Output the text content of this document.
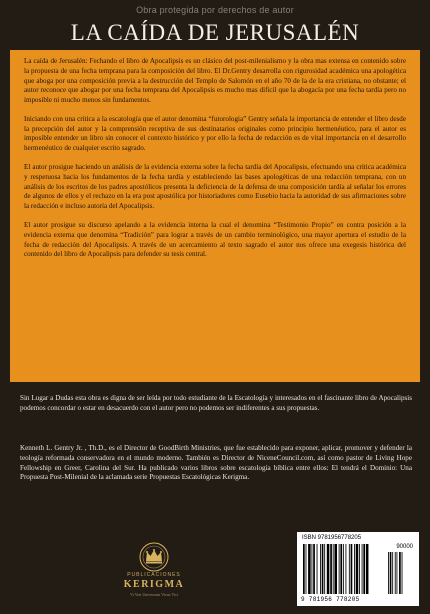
Obra protegida por derechos de autor
LA CAÍDA DE JERUSALÉN

La caída de Jerusalén: Fechando el libro de Apocalipsis es un clásico del post-milenialismo y la obra mas extensa en contenido sobre la propuesta de una fecha temprana para la composición del libro. El Dr.Gentry desarrolla con rigurosidad académica una apologética que aboga por una composición previa a la destrucción del Templo de Salomón en el año 70 de la de la era cristiana, no obstante; el autor reconoce que abogar por una fecha temprana del Apocalipsis es mucho mas dificil que la abogacía por una fecha tardía pero no imposible ni mucho menos sin fundamentos.

Iniciando con una critica a la escatología que el autor denomina “futorologia” Gentry señala la importancia de entender el libro desde la precepción del autor y la comprensión receptiva de sus destinatarios originales como principio hermenéutico, para el autor es imposible entender un libro sin conocer el contexto histórico y por ello la fecha de redacción es de vital importancia en el desarrollo hermenéutico de cualquier escrito sagrado.

El autor prosigue haciendo un análisis de la evidencia externa sobre la fecha tardía del Apocalipsis, efectuando una critica académica y respetuosa hacia los fundamentos de la fecha tardía y estableciendo las bases apologéticas de una redacción temprana, con un análisis de los escritos de los padres apostólicos presenta la deficiencia de la defensa de una composición tardía al señalar los errores de algunos de ellos y el rechazo en la era post apostólica por historiadores como Eusebio hacia la autoridad de sus afirmaciones sobre la redacción e incluso autoría del Apocalipsis.

El autor prosigue su discurso apelando a la evidencia interna la cual el denomina “Testimonio Propio” en contra posición a la evidencia externa que denomina “Tradición” para lograr a través de un cambio terminológico, una mayor apertura el estudio de la fecha de redacción del Apocalipsis. A través de un acercamiento al texto sagrado el autor nos ofrece una exegesis histórica del contenido del libro de Apocalipsis para defender su tesis central.

Sin Lugar a Dudas esta obra es digna de ser leída por todo estudiante de la Escatología y interesados en el fascinante libro de Apocalipsis podemos concordar o estar en desacuerdo con el autor pero no podemos ser indiferentes a sus propuestas.

Kenneth L. Gentry Jr. , Th.D., es el Director de GoodBirth Ministries, que fue establecido para exponer, aplicar, promover y defender la teología reformada conservadora en el mundo moderno. También es Director de NiceneCouncil.com, así como pastor de Living Hope Fellowship en Greer, Carolina del Sur. Ha publicado varios libros sobre escatología bíblica entre ellos: El tendrá el Dominio: Una Propuesta Post-Milenial de la aclamada serie Propuestas Escatológicas Kerigma.

PUBLICACIONES
KERIGMA
Vi Veri Universum Vivus Vici
ISBN 9781956778205
90000
9 781956 778205
